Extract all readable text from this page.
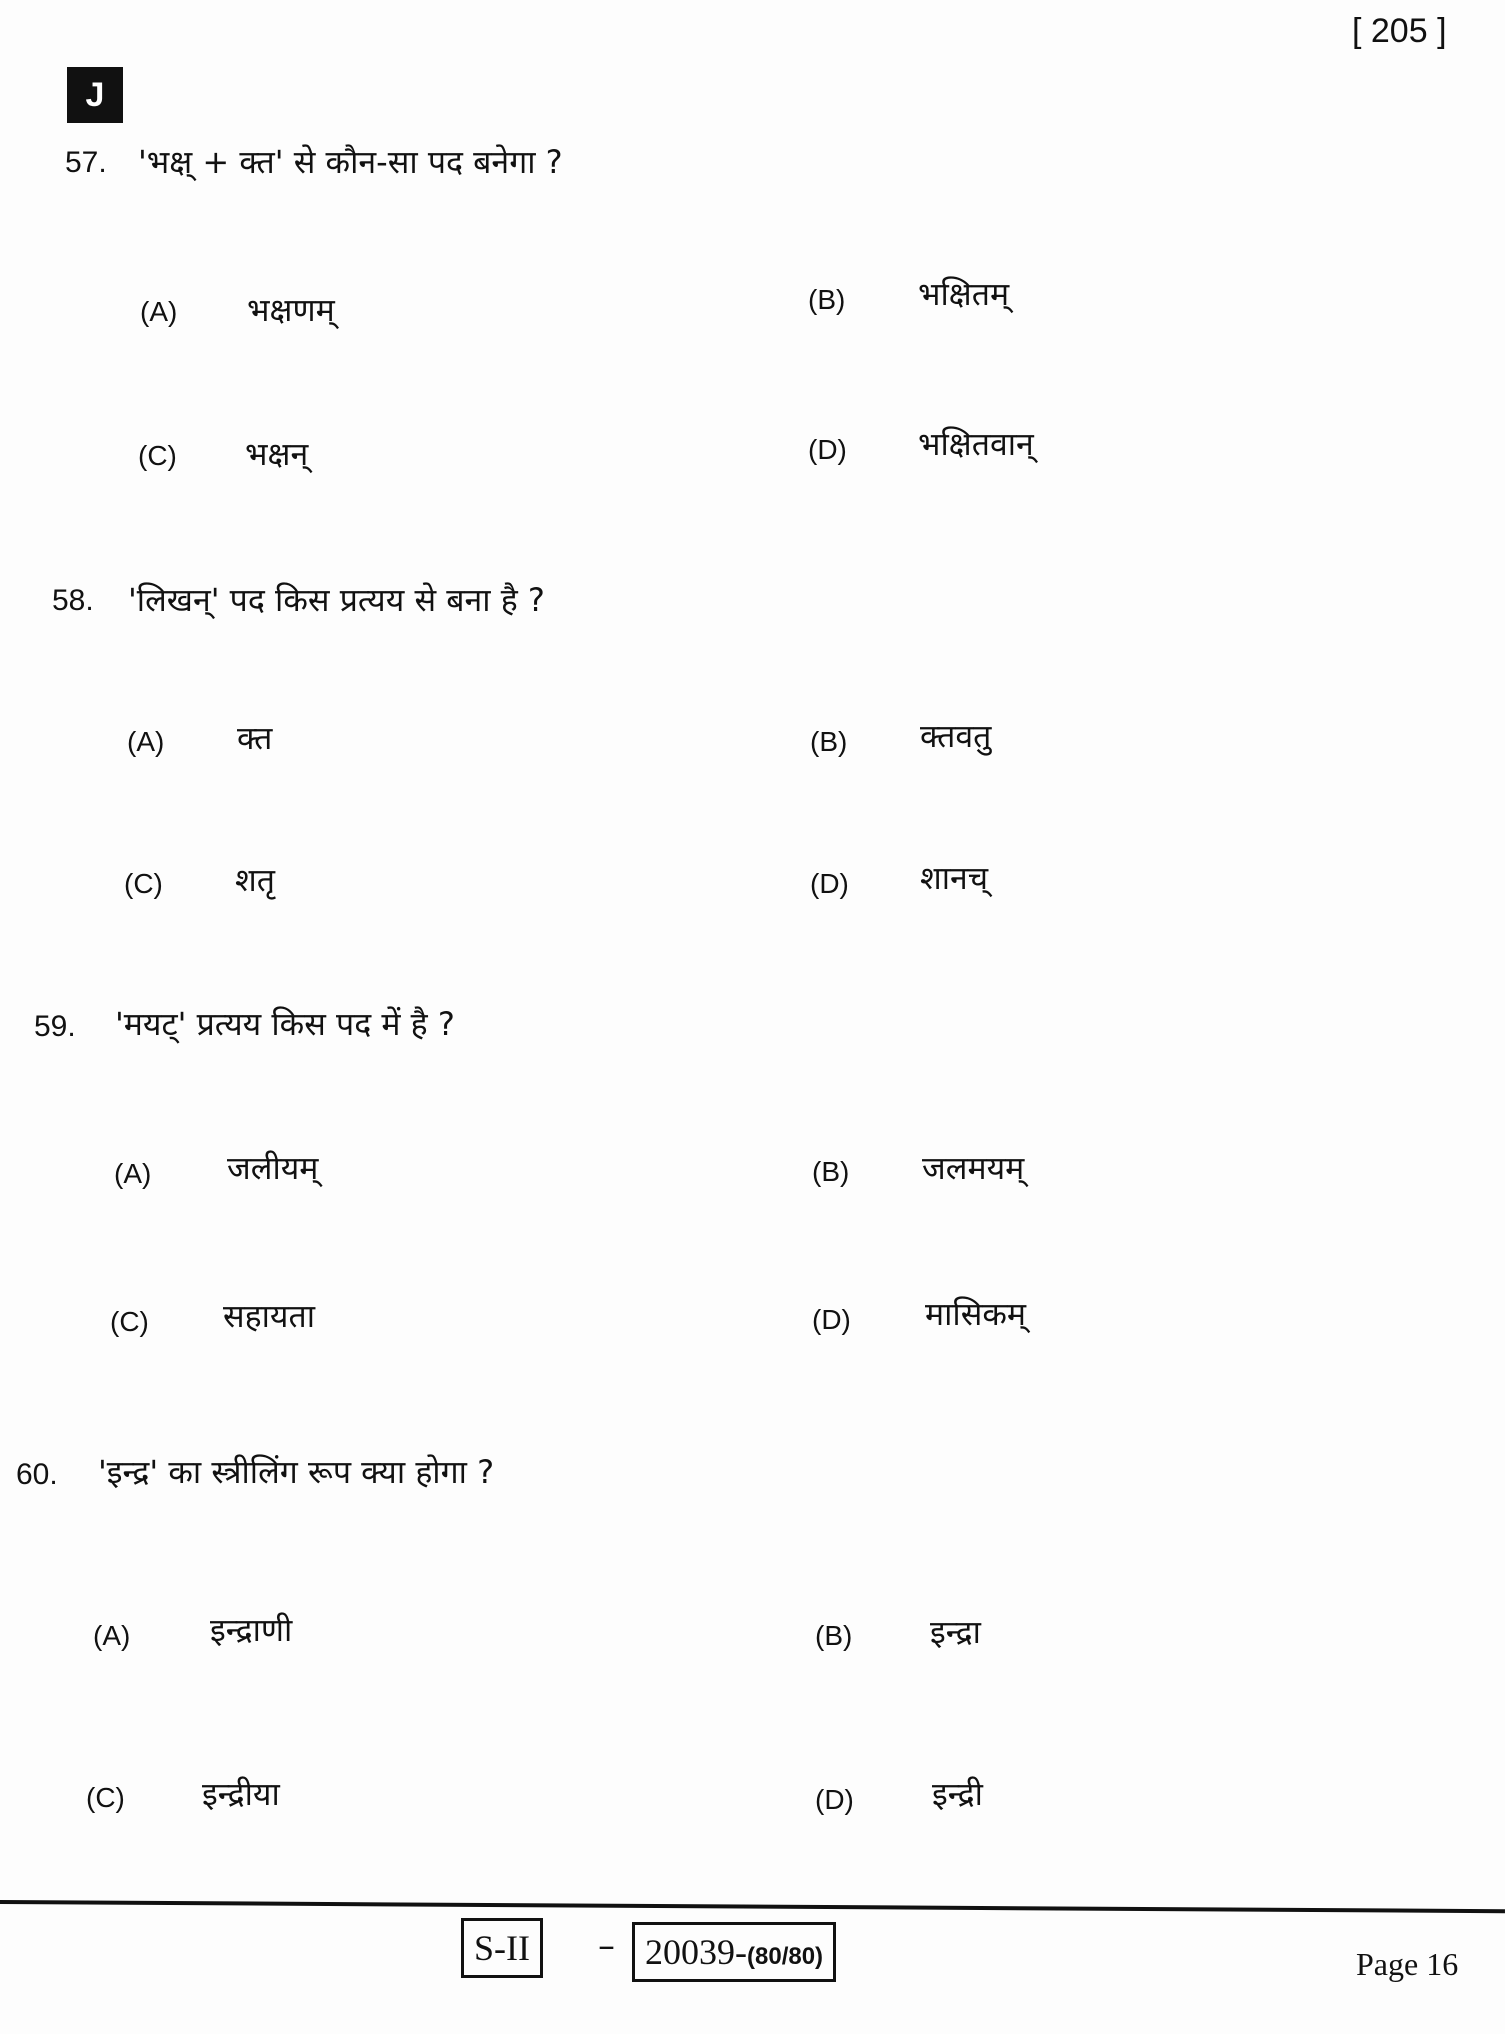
[ 205 ]
J
57. 'भक्ष् + क्त' से कौन-सा पद बनेगा ?
(A) भक्षणम्	(B) भक्षितम्
(C) भक्षन्	(D) भक्षितवान्
58. 'लिखन्' पद किस प्रत्यय से बना है ?
(A) क्त	(B) क्तवतु
(C) शतृ	(D) शानच्
59. 'मयट्' प्रत्यय किस पद में है ?
(A) जलीयम्	(B) जलमयम्
(C) सहायता	(D) मासिकम्
60. 'इन्द्र' का स्त्रीलिंग रूप क्या होगा ?
(A) इन्द्राणी	(B) इन्द्रा
(C) इन्द्रीया	(D) इन्द्री
S-II	– 20039-(80/80)	Page 16
